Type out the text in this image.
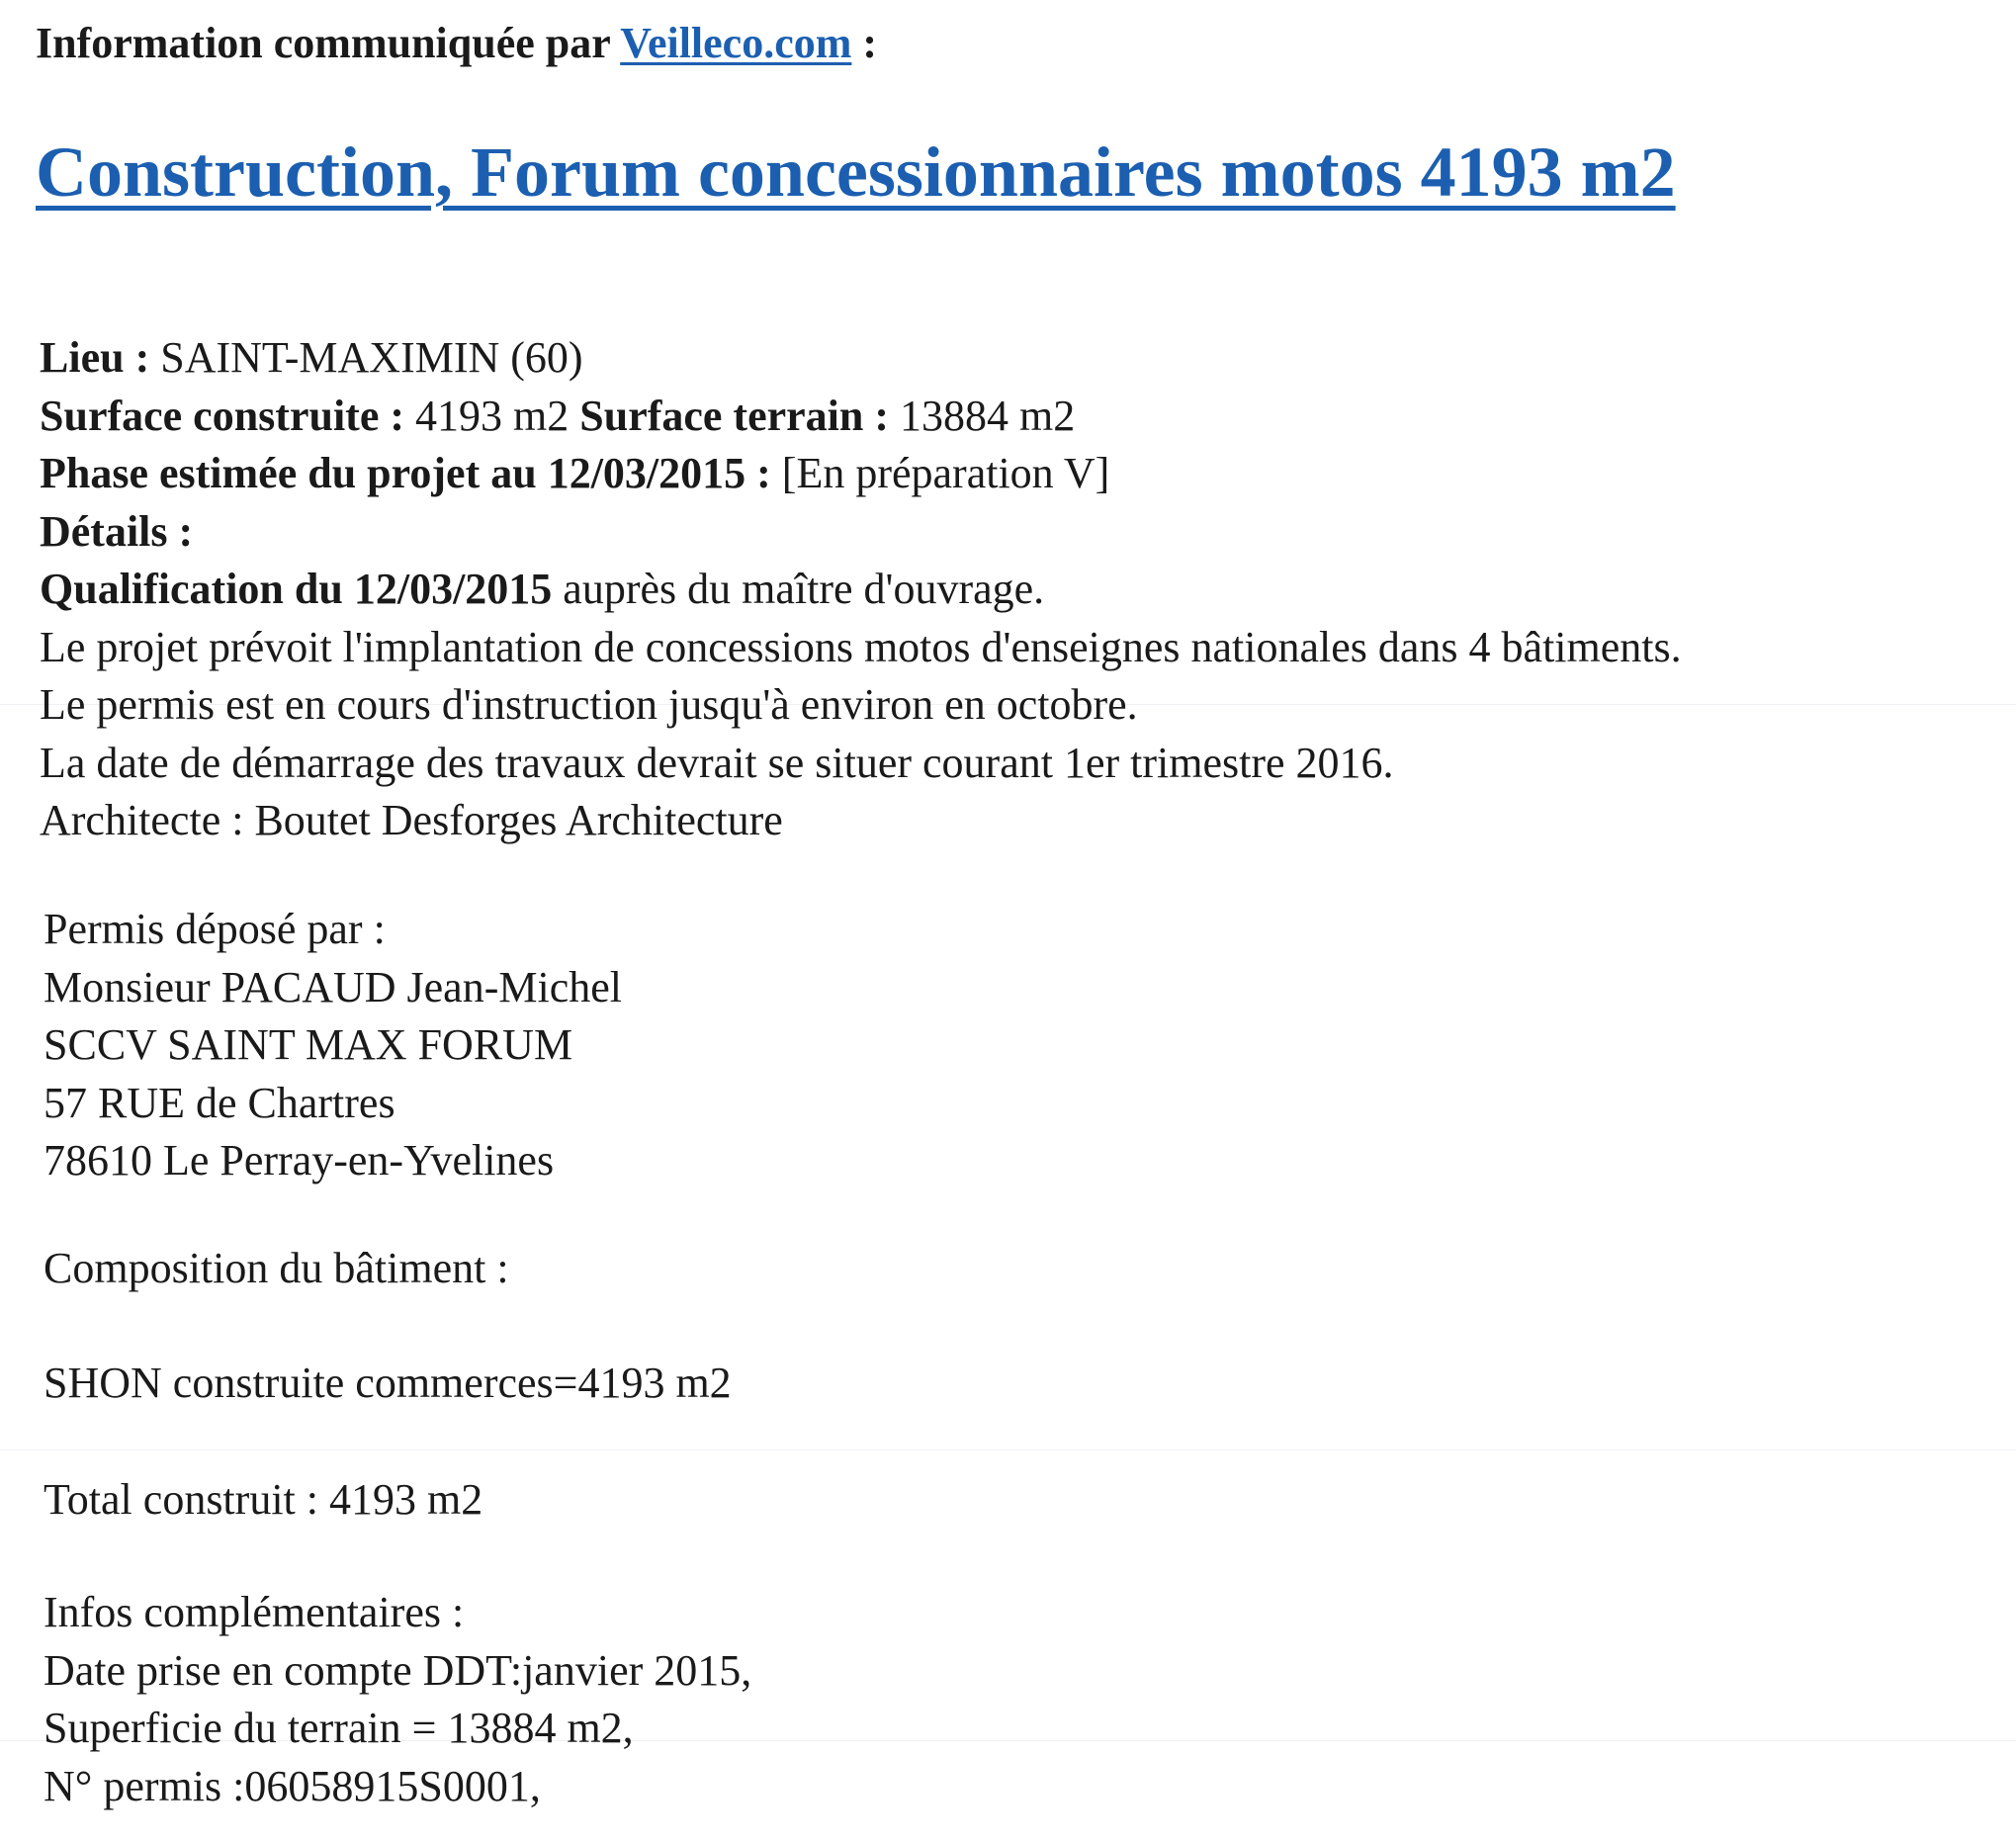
Information communiquée par Veilleco.com :
Construction, Forum concessionnaires motos 4193 m2
Lieu : SAINT-MAXIMIN (60)
Surface construite : 4193 m2 Surface terrain : 13884 m2
Phase estimée du projet au 12/03/2015 : [En préparation V]
Détails :
Qualification du 12/03/2015 auprès du maître d'ouvrage.
Le projet prévoit l'implantation de concessions motos d'enseignes nationales dans 4 bâtiments.
Le permis est en cours d'instruction jusqu'à environ en octobre.
La date de démarrage des travaux devrait se situer courant 1er trimestre 2016.
Architecte : Boutet Desforges Architecture
Permis déposé par :
Monsieur PACAUD Jean-Michel
SCCV SAINT MAX FORUM
57 RUE de Chartres
78610 Le Perray-en-Yvelines
Composition du bâtiment :
SHON construite commerces=4193 m2
Total construit : 4193 m2
Infos complémentaires :
Date prise en compte DDT:janvier 2015,
Superficie du terrain = 13884 m2,
N° permis :06058915S0001,
